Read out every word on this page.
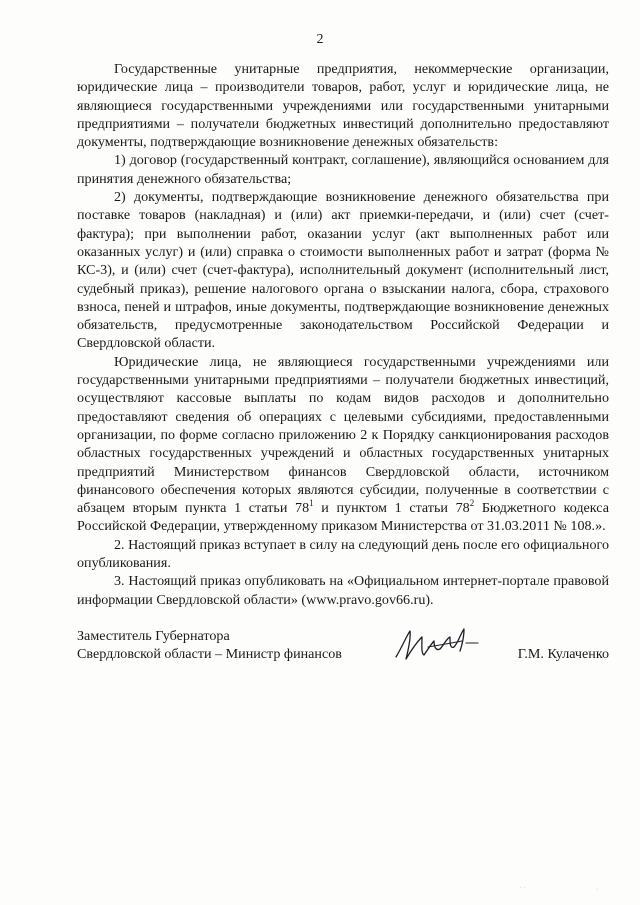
2

Государственные унитарные предприятия, некоммерческие организации, юридические лица – производители товаров, работ, услуг и юридические лица, не являющиеся государственными учреждениями или государственными унитарными предприятиями – получатели бюджетных инвестиций дополнительно предоставляют документы, подтверждающие возникновение денежных обязательств:

1) договор (государственный контракт, соглашение), являющийся основанием для принятия денежного обязательства;

2) документы, подтверждающие возникновение денежного обязательства при поставке товаров (накладная) и (или) акт приемки-передачи, и (или) счет (счет-фактура); при выполнении работ, оказании услуг (акт выполненных работ или оказанных услуг) и (или) справка о стоимости выполненных работ и затрат (форма № КС-3), и (или) счет (счет-фактура), исполнительный документ (исполнительный лист, судебный приказ), решение налогового органа о взыскании налога, сбора, страхового взноса, пеней и штрафов, иные документы, подтверждающие возникновение денежных обязательств, предусмотренные законодательством Российской Федерации и Свердловской области.

Юридические лица, не являющиеся государственными учреждениями или государственными унитарными предприятиями – получатели бюджетных инвестиций, осуществляют кассовые выплаты по кодам видов расходов и дополнительно предоставляют сведения об операциях с целевыми субсидиями, предоставленными организации, по форме согласно приложению 2 к Порядку санкционирования расходов областных государственных учреждений и областных государственных унитарных предприятий Министерством финансов Свердловской области, источником финансового обеспечения которых являются субсидии, полученные в соответствии с абзацем вторым пункта 1 статьи $78^1$ и пунктом 1 статьи $78^2$ Бюджетного кодекса Российской Федерации, утвержденному приказом Министерства от 31.03.2011 № 108.».

2. Настоящий приказ вступает в силу на следующий день после его официального опубликования.

3. Настоящий приказ опубликовать на «Официальном интернет-портале правовой информации Свердловской области» (www.pravo.gov66.ru).

Заместитель Губернатора
Свердловской области – Министр финансов	Г.М. Кулаченко
· ·	·
